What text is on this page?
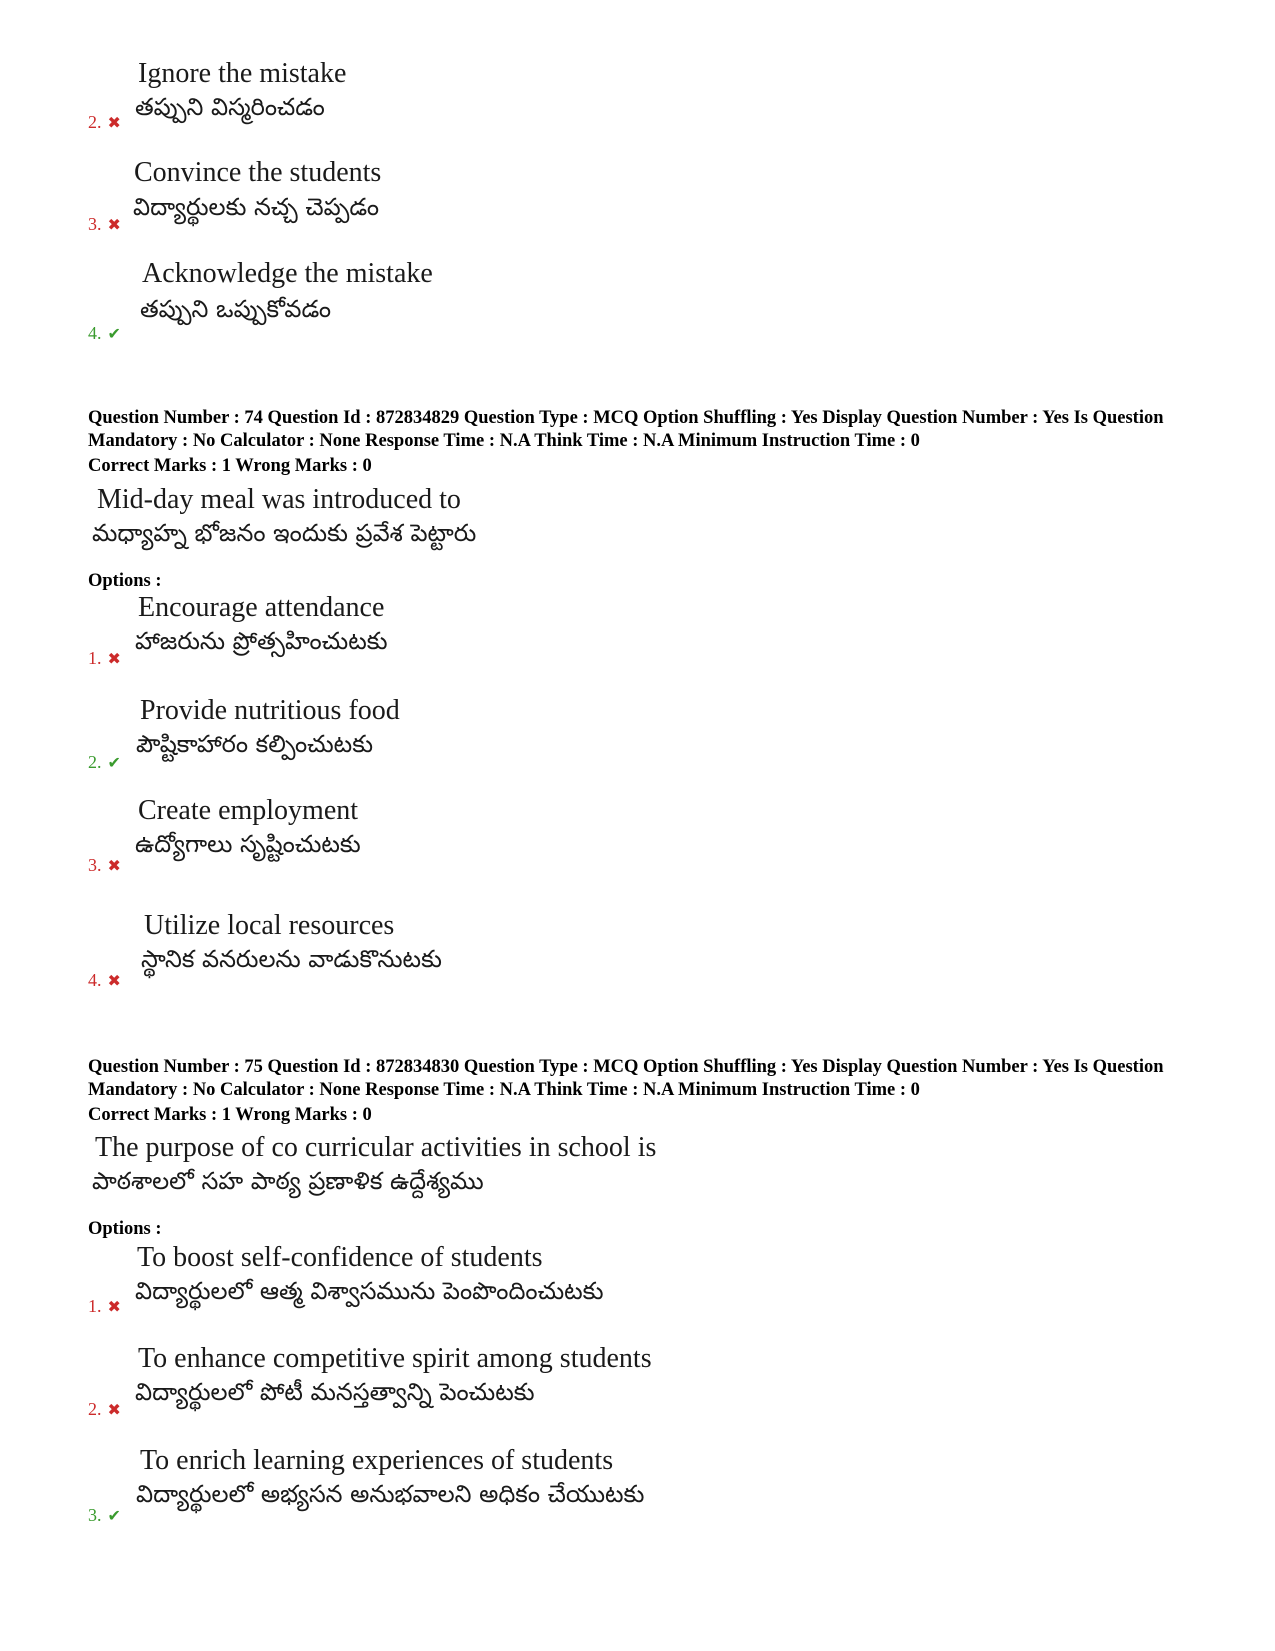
Ignore the mistake
తప్పుని విస్మరించడం
2. ✖
Convince the students
విద్యార్థులకు నచ్చ చెప్పడం
3. ✖
Acknowledge the mistake
తప్పుని ఒప్పుకోవడం
4. ✔
Question Number : 74 Question Id : 872834829 Question Type : MCQ Option Shuffling : Yes Display Question Number : Yes Is Question Mandatory : No Calculator : None Response Time : N.A Think Time : N.A Minimum Instruction Time : 0
Correct Marks : 1 Wrong Marks : 0
Mid-day meal was introduced to
మధ్యాహ్న భోజనం ఇందుకు ప్రవేశ పెట్టారు
Options :
Encourage attendance
హాజరును ప్రోత్సహించుటకు
1. ✖
Provide nutritious food
పౌష్టికాహారం కల్పించుటకు
2. ✔
Create employment
ఉద్యోగాలు సృష్టించుటకు
3. ✖
Utilize local resources
స్థానిక వనరులను వాడుకొనుటకు
4. ✖
Question Number : 75 Question Id : 872834830 Question Type : MCQ Option Shuffling : Yes Display Question Number : Yes Is Question Mandatory : No Calculator : None Response Time : N.A Think Time : N.A Minimum Instruction Time : 0
Correct Marks : 1 Wrong Marks : 0
The purpose of co curricular activities in school is
పాఠశాలలో సహ పాఠ్య ప్రణాళిక ఉద్దేశ్యము
Options :
To boost self-confidence of students
విద్యార్థులలో ఆత్మ విశ్వాసమును పెంపొందించుటకు
1. ✖
To enhance competitive spirit among students
విద్యార్థులలో పోటీ మనస్తత్వాన్ని పెంచుటకు
2. ✖
To enrich learning experiences of students
విద్యార్థులలో అభ్యసన అనుభవాలని అధికం చేయుటకు
3. ✔
